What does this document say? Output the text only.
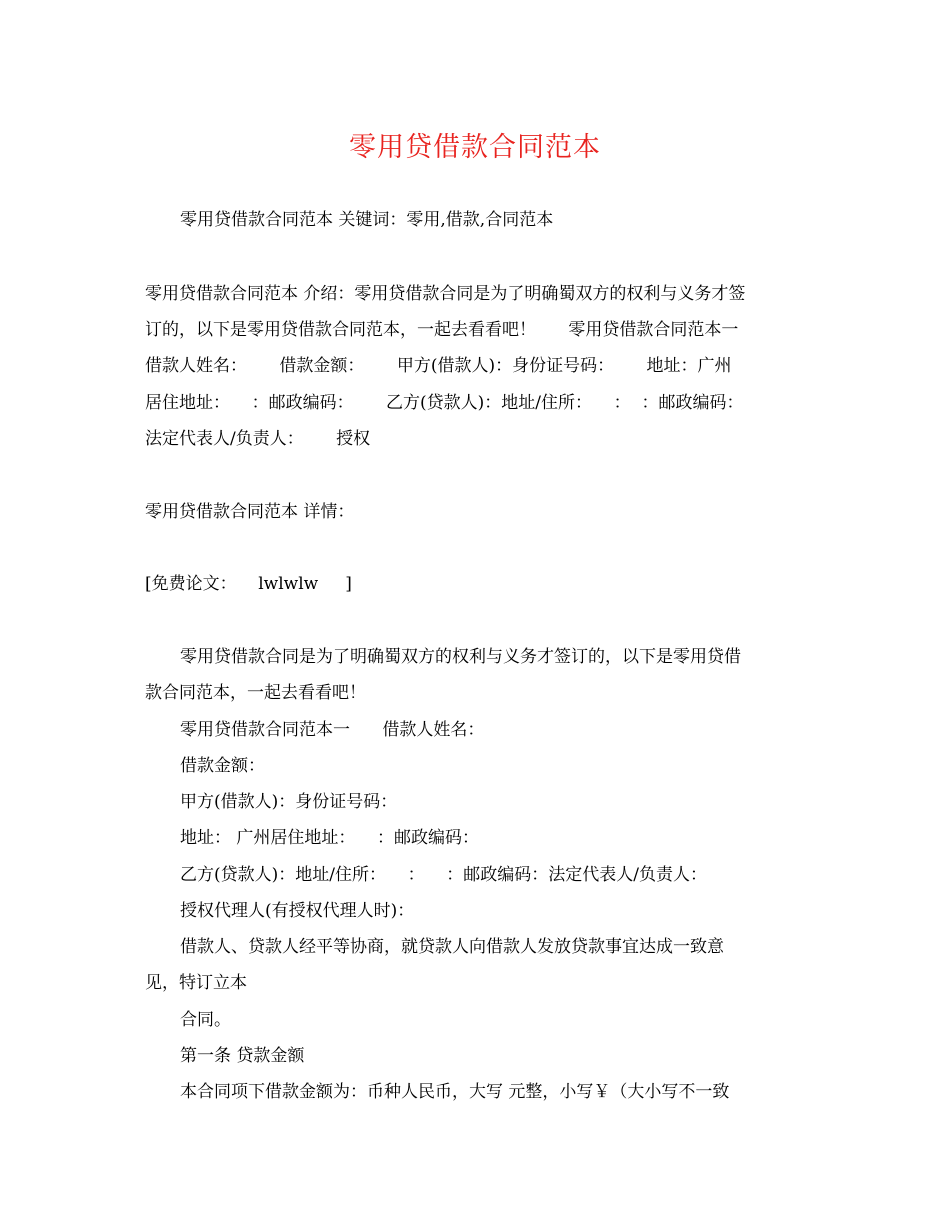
零用贷借款合同范本
零用贷借款合同范本 关键词：零用,借款,合同范本
零用贷借款合同范本 介绍：零用贷借款合同是为了明确蜀双方的权利与义务才签
订的，以下是零用贷借款合同范本，一起去看看吧！      零用贷借款合同范本一
借款人姓名：      借款金额：      甲方(借款人)：身份证号码：      地址：广州
居住地址：    ：邮政编码：      乙方(贷款人)：地址/住所：    ：  ：邮政编码：
法定代表人/负责人：      授权
零用贷借款合同范本 详情：
[免费论文：    lwlwlw     ]
零用贷借款合同是为了明确蜀双方的权利与义务才签订的，以下是零用贷借
款合同范本，一起去看看吧！
零用贷借款合同范本一      借款人姓名：
借款金额：
甲方(借款人)：身份证号码：
地址： 广州居住地址：    ：邮政编码：
乙方(贷款人)：地址/住所：    ：    ：邮政编码：法定代表人/负责人：
授权代理人(有授权代理人时)：
借款人、贷款人经平等协商，就贷款人向借款人发放贷款事宜达成一致意
见，特订立本
合同。
第一条 贷款金额
本合同项下借款金额为：币种人民币，大写 元整，小写￥（大小写不一致
